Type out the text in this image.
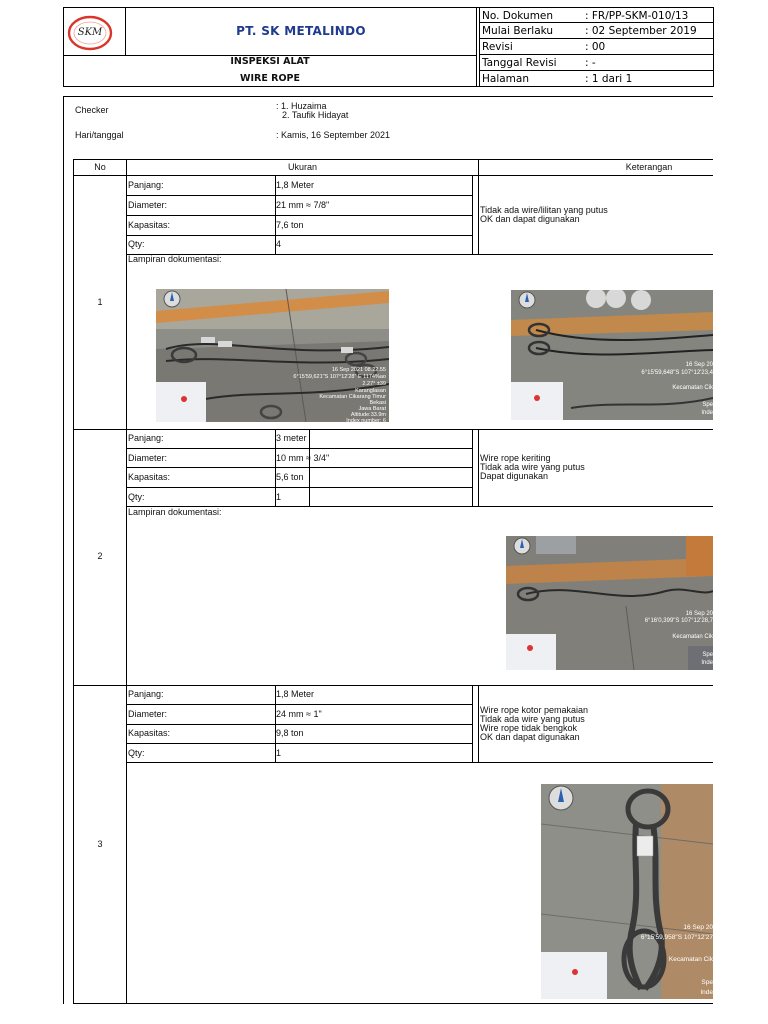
SKM	PT. SK METALINDO
INSPEKSI ALAT
WIRE ROPE
No. Dokumen	: FR/PP-SKM-010/13
Mulai Berlaku	: 02 September 2019
Revisi	: 00
Tanggal Revisi	: -
Halaman	: 1 dari 1
Checker	: 1. Huzaima
2. Taufik Hidayat
Hari/tanggal	: Kamis, 16 September 2021
No	Ukuran	Keterangan
1
Panjang:	1,8 Meter
Diameter:	21 mm ≈ 7/8"
Kapasitas:	7,6 ton
Qty:	4
Tidak ada wire/lilitan yang putus
OK dan dapat digunakan
Lampiran dokumentasi:
2
Panjang:	3 meter
Diameter:	10 mm ≈ 3/4"
Kapasitas:	5,6 ton
Qty:	1
Wire rope keriting
Tidak ada wire yang putus
Dapat digunakan
Lampiran dokumentasi:
3
Panjang:	1,8 Meter
Diameter:	24 mm ≈ 1"
Kapasitas:	9,8 ton
Qty:	1
Wire rope kotor pemakaian
Tidak ada wire yang putus
Wire rope tidak bengkok
OK dan dapat digunakan
16 Sep 2021 08.22.55
6°15'59,621"S 107°12'28" E 1174%ao
2.27° ±39
Karanglasan
Kecamatan Cikarang Timur
Bekasi
Jawa Barat
Altitude:33.9m
Index number: 6
16 Sep 20
6°15'59,648"S 107°12'23,4
Kecamatan Cik
Spe
Inde
16 Sep 20
6°16'0,399"S 107°12'28,7
Kecamatan Cik
Spe
Inde
16 Sep 20
6°15'59,958"S 107°12'27
Kecamatan Cik
Spe
Inde
